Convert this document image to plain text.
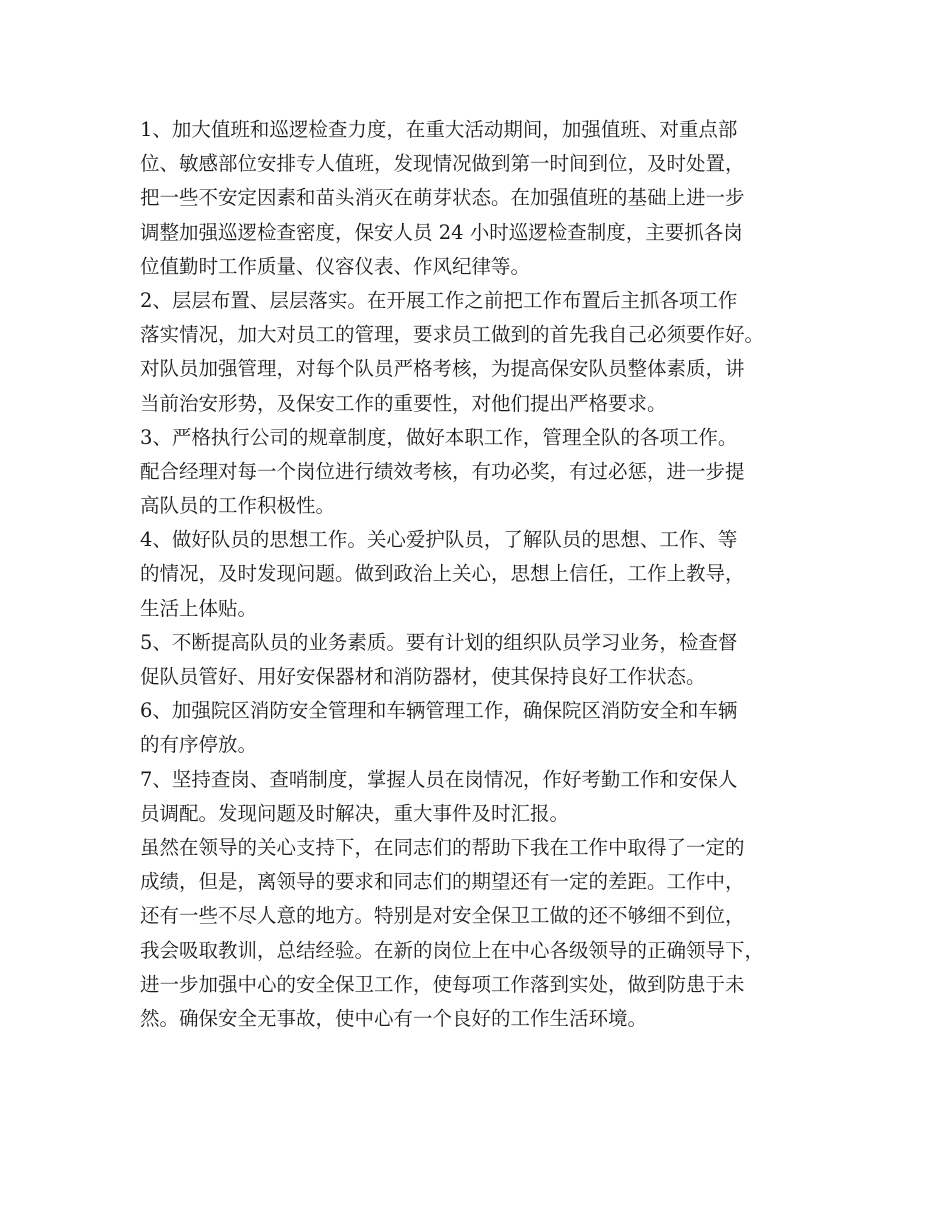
1、加大值班和巡逻检查力度，在重大活动期间，加强值班、对重点部
位、敏感部位安排专人值班，发现情况做到第一时间到位，及时处置，
把一些不安定因素和苗头消灭在萌芽状态。在加强值班的基础上进一步
调整加强巡逻检查密度，保安人员 24 小时巡逻检查制度，主要抓各岗
位值勤时工作质量、仪容仪表、作风纪律等。
2、层层布置、层层落实。在开展工作之前把工作布置后主抓各项工作
落实情况，加大对员工的管理，要求员工做到的首先我自己必须要作好。
对队员加强管理，对每个队员严格考核，为提高保安队员整体素质，讲
当前治安形势，及保安工作的重要性，对他们提出严格要求。
3、严格执行公司的规章制度，做好本职工作，管理全队的各项工作。
配合经理对每一个岗位进行绩效考核，有功必奖，有过必惩，进一步提
高队员的工作积极性。
4、做好队员的思想工作。关心爱护队员，了解队员的思想、工作、等
的情况，及时发现问题。做到政治上关心，思想上信任，工作上教导，
生活上体贴。
5、不断提高队员的业务素质。要有计划的组织队员学习业务，检查督
促队员管好、用好安保器材和消防器材，使其保持良好工作状态。
6、加强院区消防安全管理和车辆管理工作，确保院区消防安全和车辆
的有序停放。
7、坚持查岗、查哨制度，掌握人员在岗情况，作好考勤工作和安保人
员调配。发现问题及时解决，重大事件及时汇报。
虽然在领导的关心支持下，在同志们的帮助下我在工作中取得了一定的
成绩，但是，离领导的要求和同志们的期望还有一定的差距。工作中，
还有一些不尽人意的地方。特别是对安全保卫工做的还不够细不到位，
我会吸取教训，总结经验。在新的岗位上在中心各级领导的正确领导下，
进一步加强中心的安全保卫工作，使每项工作落到实处，做到防患于未
然。确保安全无事故，使中心有一个良好的工作生活环境。
